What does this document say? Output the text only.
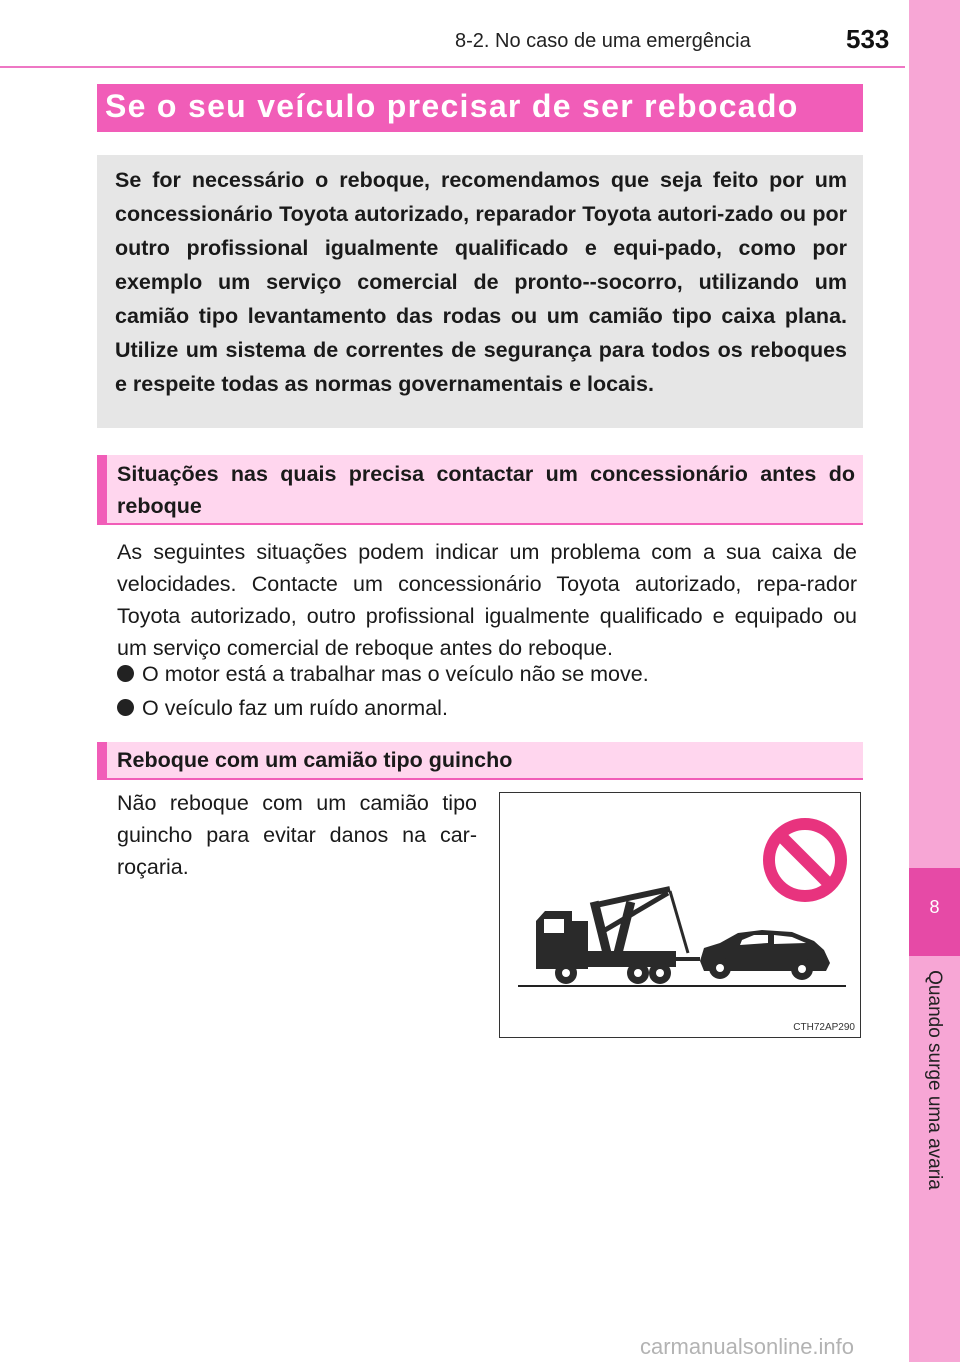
8-2. No caso de uma emergência	533
8
Quando surge uma avaria
Se o seu veículo precisar de ser rebocado

Se for necessário o reboque, recomendamos que seja feito por um concessionário Toyota autorizado, reparador Toyota autori-zado ou por outro profissional igualmente qualificado e equi-pado, como por exemplo um serviço comercial de pronto--socorro, utilizando um camião tipo levantamento das rodas ou um camião tipo caixa plana. Utilize um sistema de correntes de segurança para todos os reboques e respeite todas as normas governamentais e locais.

Situações nas quais precisa contactar um concessionário antes do reboque

As seguintes situações podem indicar um problema com a sua caixa de velocidades. Contacte um concessionário Toyota autorizado, repa-rador Toyota autorizado, outro profissional igualmente qualificado e equipado ou um serviço comercial de reboque antes do reboque.

O motor está a trabalhar mas o veículo não se move.
O veículo faz um ruído anormal.
Reboque com um camião tipo guincho

Não reboque com um camião tipo guincho para evitar danos na car-roçaria.

CTH72AP290
carmanualsonline.info
